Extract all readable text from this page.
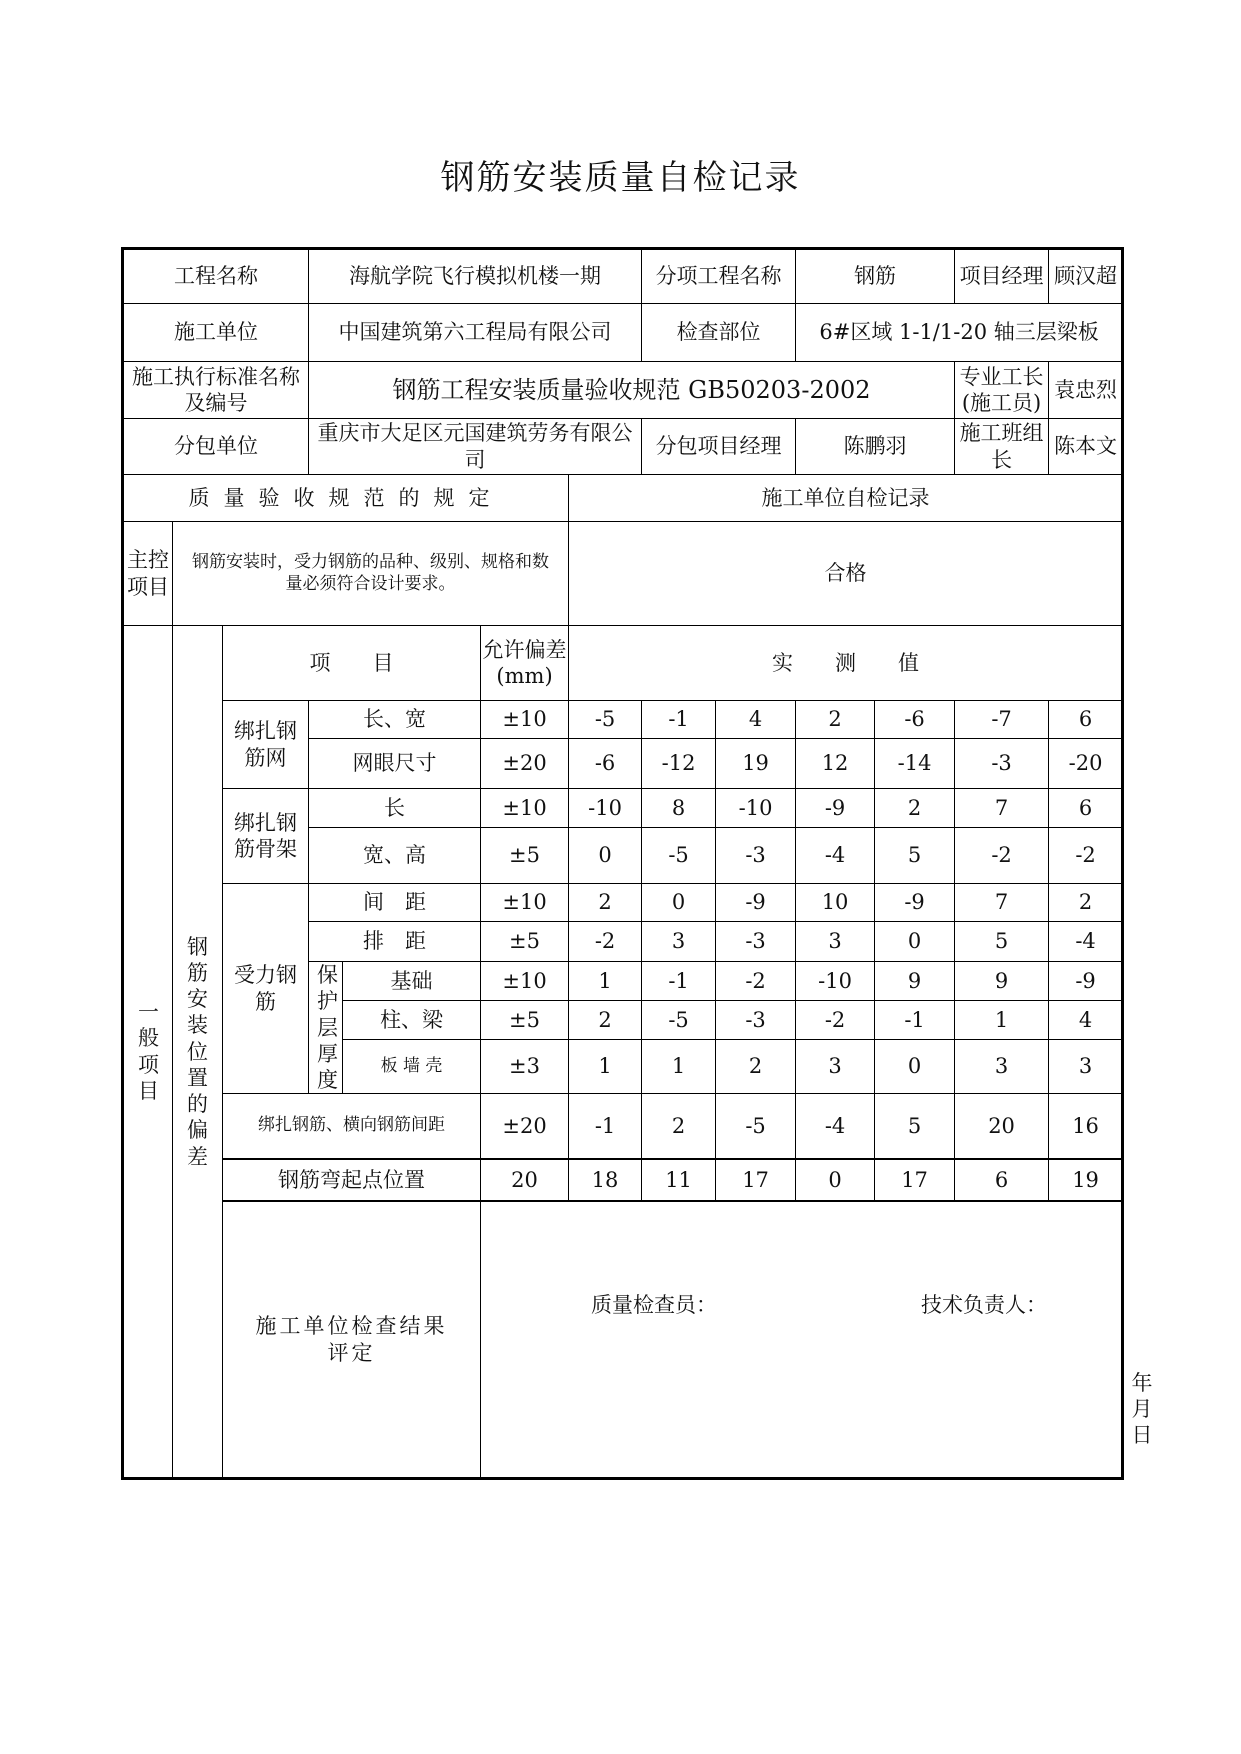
钢筋安装质量自检记录
工程名称			海航学院飞行模拟机楼一期				分项工程名称		钢筋		项目经理	顾汉超
施工单位			中国建筑第六工程局有限公司				检查部位		6#区域 1-1/1-20 轴三层梁板			
施工执行标准名称及编号			钢筋工程安装质量验收规范 GB50203-2002								专业工长(施工员)	袁忠烈
分包单位			重庆市大足区元国建筑劳务有限公司				分包项目经理		陈鹏羽		施工班组长	陈本文
质量验收规范的规定						施工单位自检记录						
主控项目	钢筋安装时，受力钢筋的品种、级别、规格和数量必须符合设计要求。					合格						
一般项目	钢筋安装位置的偏差	项　　目			允许偏差(mm)	实　　测　　值						
		绑扎钢筋网	长、宽		±10	-5	-1	4	2	-6	-7	6
			网眼尺寸		±20	-6	-12	19	12	-14	-3	-20
		绑扎钢筋骨架	长		±10	-10	8	-10	-9	2	7	6
			宽、高		±5	0	-5	-3	-4	5	-2	-2
		受力钢筋	间　距		±10	2	0	-9	10	-9	7	2
			排　距		±5	-2	3	-3	3	0	5	-4
			保护层厚度	基础	±10	1	-1	-2	-10	9	9	-9
				柱、梁	±5	2	-5	-3	-2	-1	1	4
				板 墙 壳	±3	1	1	2	3	0	3	3
		绑扎钢筋、横向钢筋间距			±20	-1	2	-5	-4	5	20	16
		钢筋弯起点位置			20	18	11	17	0	17	6	19
		施工单位检查结果评定			质量检查员： 技术负责人：
年　月　日							
